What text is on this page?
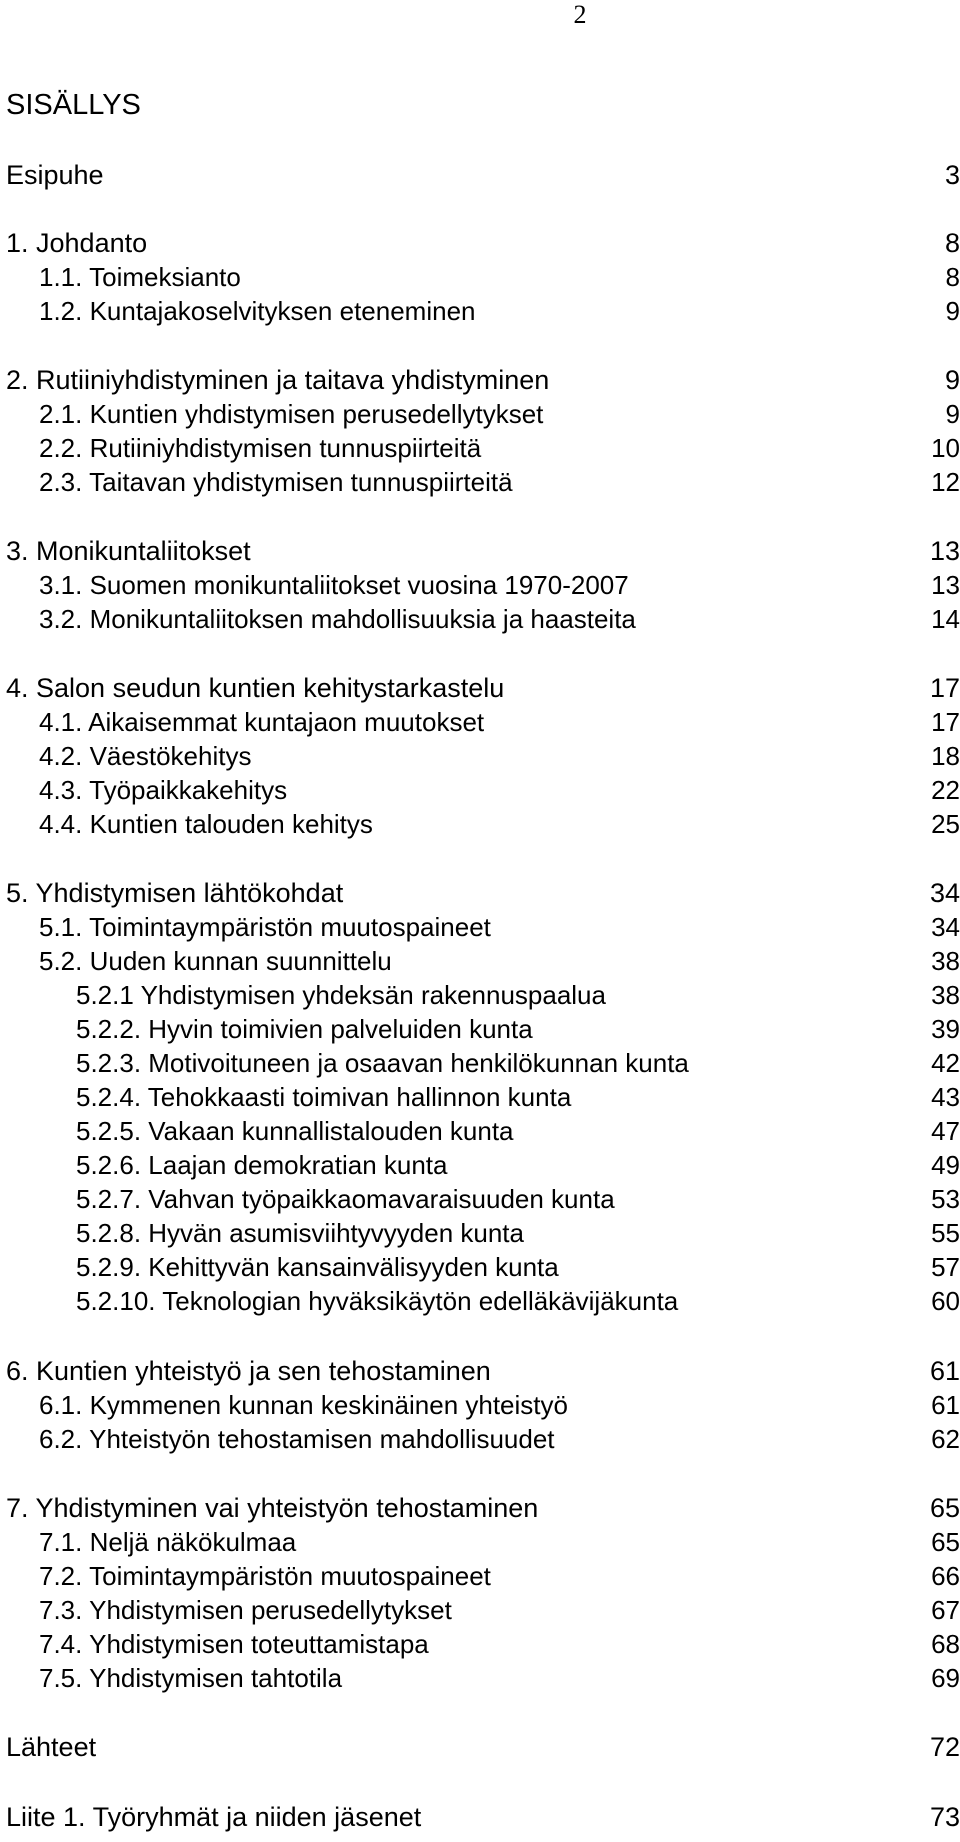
2
SISÄLLYS
Esipuhe	3
1. Johdanto	8
1.1. Toimeksianto	8
1.2. Kuntajakoselvityksen eteneminen	9
2. Rutiiniyhdistyminen ja taitava yhdistyminen	9
2.1. Kuntien yhdistymisen perusedellytykset	9
2.2. Rutiiniyhdistymisen tunnuspiirteitä	10
2.3. Taitavan yhdistymisen tunnuspiirteitä	12
3. Monikuntaliitokset	13
3.1. Suomen monikuntaliitokset vuosina 1970-2007	13
3.2. Monikuntaliitoksen mahdollisuuksia ja haasteita	14
4. Salon seudun kuntien kehitystarkastelu	17
4.1. Aikaisemmat kuntajaon muutokset	17
4.2. Väestökehitys	18
4.3. Työpaikkakehitys	22
4.4. Kuntien talouden kehitys	25
5. Yhdistymisen lähtökohdat	34
5.1. Toimintaympäristön muutospaineet	34
5.2. Uuden kunnan suunnittelu	38
5.2.1 Yhdistymisen yhdeksän rakennuspaalua	38
5.2.2. Hyvin toimivien palveluiden kunta	39
5.2.3. Motivoituneen ja osaavan henkilökunnan kunta	42
5.2.4. Tehokkaasti toimivan hallinnon kunta	43
5.2.5. Vakaan kunnallistalouden kunta	47
5.2.6. Laajan demokratian kunta	49
5.2.7. Vahvan työpaikkaomavaraisuuden kunta	53
5.2.8. Hyvän asumisviihtyvyyden kunta	55
5.2.9. Kehittyvän kansainvälisyyden kunta	57
5.2.10. Teknologian hyväksikäytön edelläkävijäkunta	60
6. Kuntien yhteistyö ja sen tehostaminen	61
6.1. Kymmenen kunnan keskinäinen yhteistyö	61
6.2. Yhteistyön tehostamisen mahdollisuudet	62
7. Yhdistyminen vai yhteistyön tehostaminen	65
7.1. Neljä näkökulmaa	65
7.2. Toimintaympäristön muutospaineet	66
7.3. Yhdistymisen perusedellytykset	67
7.4. Yhdistymisen toteuttamistapa	68
7.5. Yhdistymisen tahtotila	69
Lähteet	72
Liite 1. Työryhmät ja niiden jäsenet	73
